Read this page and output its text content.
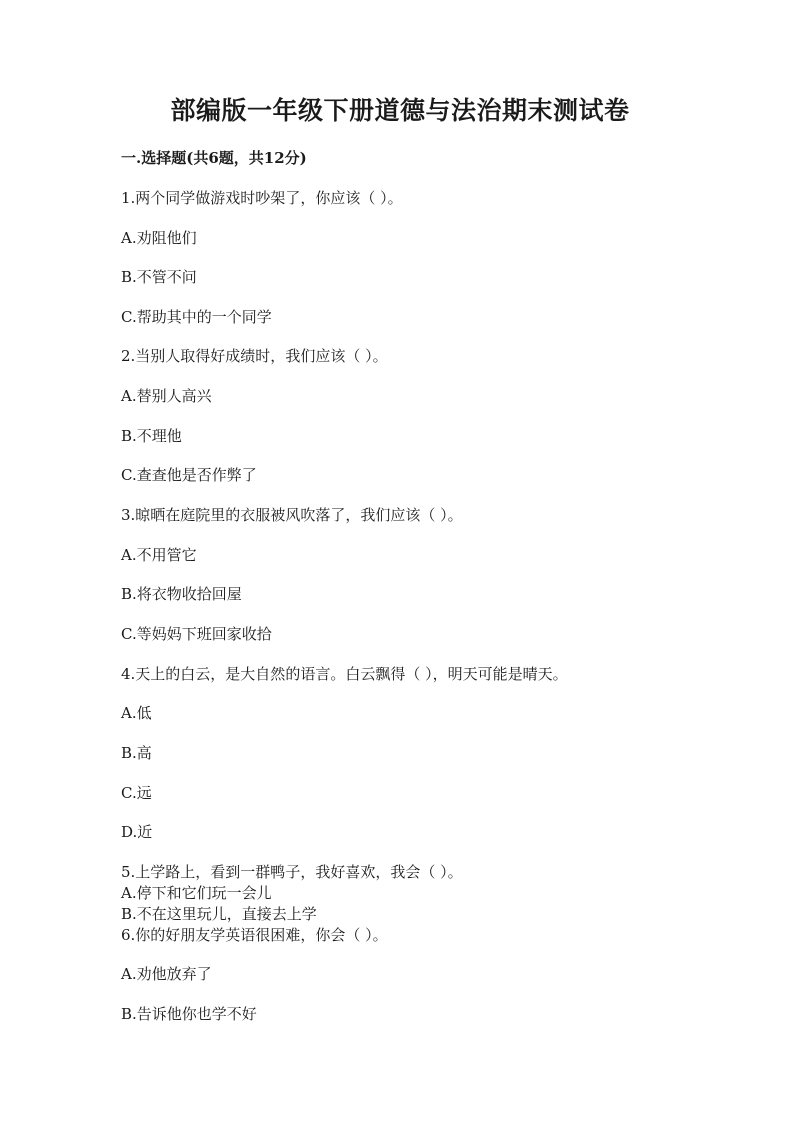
部编版一年级下册道德与法治期末测试卷
一.选择题(共6题，共12分)
1.两个同学做游戏时吵架了，你应该（ ）。
A.劝阻他们
B.不管不问
C.帮助其中的一个同学
2.当别人取得好成绩时，我们应该（ ）。
A.替别人高兴
B.不理他
C.查查他是否作弊了
3.晾晒在庭院里的衣服被风吹落了，我们应该（ ）。
A.不用管它
B.将衣物收拾回屋
C.等妈妈下班回家收拾
4.天上的白云，是大自然的语言。白云飘得（ ），明天可能是晴天。
A.低
B.高
C.远
D.近
5.上学路上，看到一群鸭子，我好喜欢，我会（ ）。
A.停下和它们玩一会儿
B.不在这里玩儿，直接去上学
6.你的好朋友学英语很困难，你会（ ）。
A.劝他放弃了
B.告诉他你也学不好
